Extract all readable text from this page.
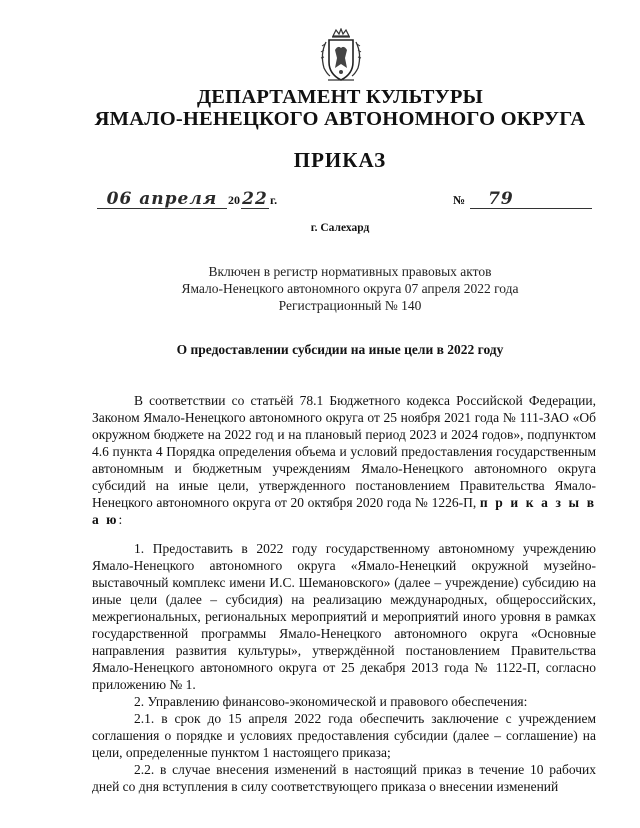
ДЕПАРТАМЕНТ КУЛЬТУРЫ
ЯМАЛО-НЕНЕЦКОГО АВТОНОМНОГО ОКРУГА
ПРИКАЗ
06 апреля 20 22 г.	№	79
г. Салехард
Включен в регистр нормативных правовых актов
Ямало-Ненецкого автономного округа 07 апреля 2022 года
Регистрационный № 140
О предоставлении субсидии на иные цели в 2022 году

В соответствии со статьёй 78.1 Бюджетного кодекса Российской Федерации, Законом Ямало-Ненецкого автономного округа от 25 ноября 2021 года № 111-ЗАО «Об окружном бюджете на 2022 год и на плановый период 2023 и 2024 годов», подпунктом 4.6 пункта 4 Порядка определения объема и условий предоставления государственным автономным и бюджетным учреждениям Ямало-Ненецкого автономного округа субсидий на иные цели, утвержденного постановлением Правительства Ямало-Ненецкого автономного округа от 20 октября 2020 года № 1226-П, п р и к а з ы в а ю:

1. Предоставить в 2022 году государственному автономному учреждению Ямало-Ненецкого автономного округа «Ямало-Ненецкий окружной музейно-выставочный комплекс имени И.С. Шемановского» (далее – учреждение) субсидию на иные цели (далее – субсидия) на реализацию международных, общероссийских, межрегиональных, региональных мероприятий и мероприятий иного уровня в рамках государственной программы Ямало-Ненецкого автономного округа «Основные направления развития культуры», утверждённой постановлением Правительства Ямало-Ненецкого автономного округа от 25 декабря 2013 года № 1122-П, согласно приложению № 1.

2. Управлению финансово-экономической и правового обеспечения:

2.1. в срок до 15 апреля 2022 года обеспечить заключение с учреждением соглашения о порядке и условиях предоставления субсидии (далее – соглашение) на цели, определенные пунктом 1 настоящего приказа;

2.2. в случае внесения изменений в настоящий приказ в течение 10 рабочих дней со дня вступления в силу соответствующего приказа о внесении изменений
